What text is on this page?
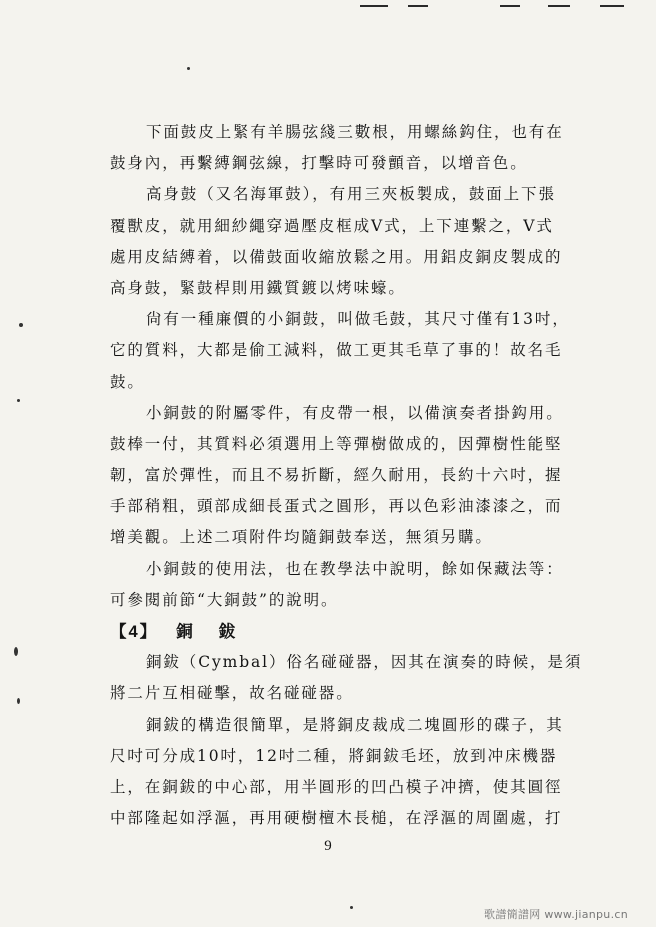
下面鼓皮上緊有羊腸弦綫三數根，用螺絲鈎住，也有在
鼓身內，再繫縛鋼弦線，打擊時可發顫音，以增音色。
高身鼓（又名海軍鼓），有用三夾板製成，鼓面上下張
覆獸皮，就用細紗繩穿過壓皮框成V式，上下連繫之，V式
處用皮結縛着，以備鼓面收縮放鬆之用。用鋁皮銅皮製成的
高身鼓，緊鼓桿則用鐵質鍍以烤味蠔。
尙有一種廉價的小銅鼓，叫做毛鼓，其尺寸僅有13吋，
它的質料，大都是偷工減料，做工更其毛草了事的！故名毛
鼓。
小銅鼓的附屬零件，有皮帶一根，以備演奏者掛鈎用。
鼓棒一付，其質料必須選用上等彈樹做成的，因彈樹性能堅
韌，富於彈性，而且不易折斷，經久耐用，長約十六吋，握
手部稍粗，頭部成細長蛋式之圓形，再以色彩油漆漆之，而
增美觀。上述二項附件均隨銅鼓奉送，無須另購。
小銅鼓的使用法，也在教學法中說明，餘如保藏法等：
可參閱前節“大銅鼓”的說明。
【4】 銅鈸
銅鈸（Cymbal）俗名碰碰器，因其在演奏的時候，是須
將二片互相碰擊，故名碰碰器。
銅鈸的構造很簡單，是將銅皮裁成二塊圓形的碟子，其
尺吋可分成10吋，12吋二種，將銅鈸毛坯，放到冲床機器
上，在銅鈸的中心部，用半圓形的凹凸模子冲擠，使其圓徑
中部隆起如浮漚，再用硬樹檀木長槌，在浮漚的周圍處，打
9
歌譜簡譜网 www.jianpu.cn
